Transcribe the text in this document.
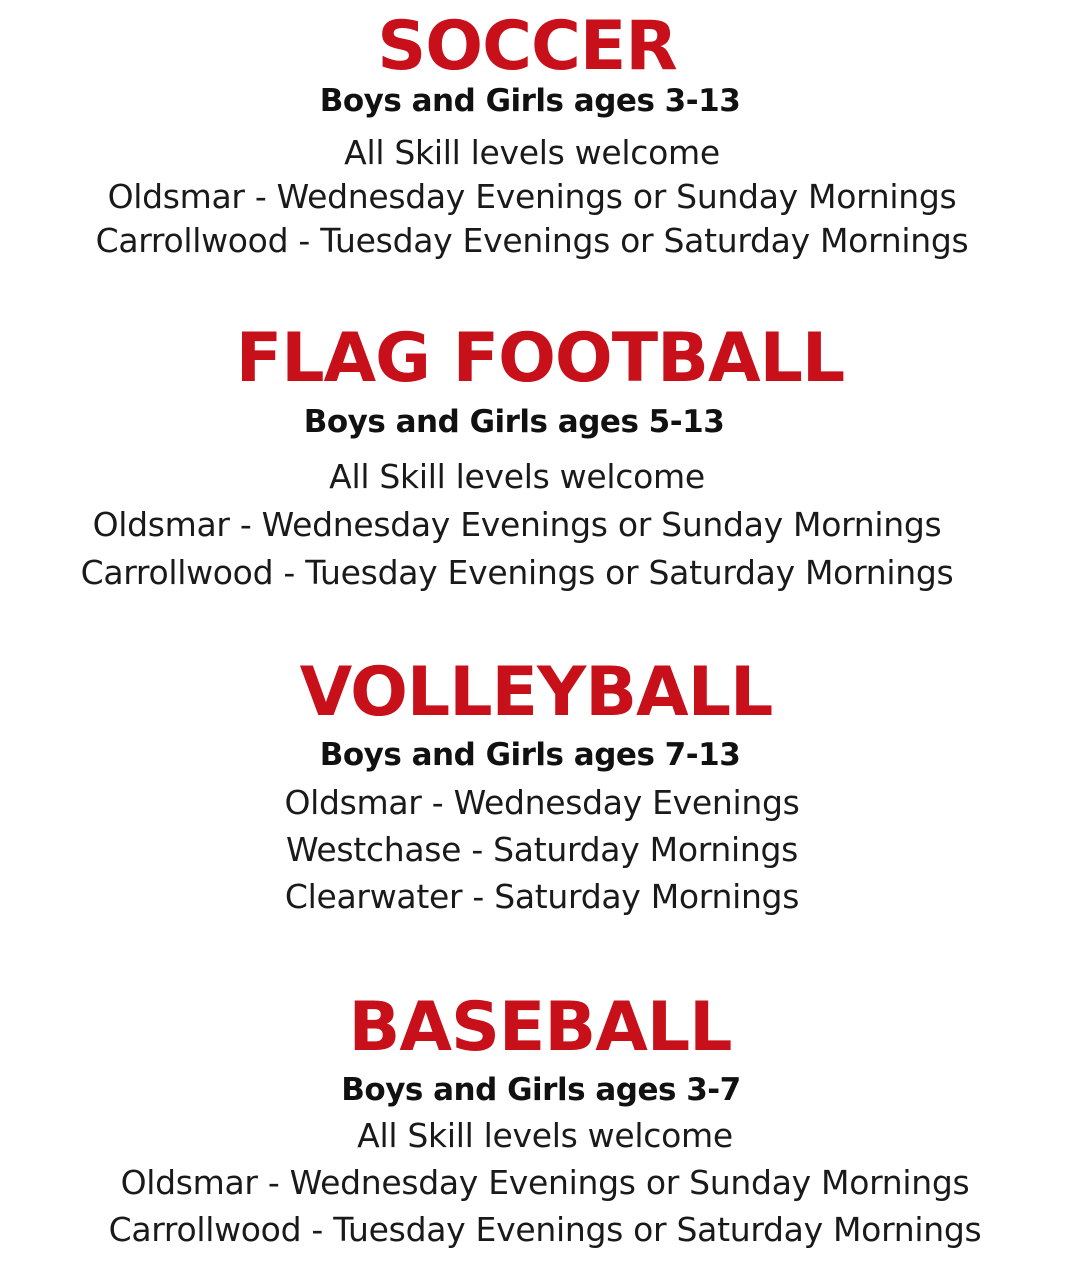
SOCCER
Boys and Girls ages 3-13
All Skill levels welcome
Oldsmar - Wednesday Evenings or Sunday Mornings
Carrollwood - Tuesday Evenings or Saturday Mornings
FLAG FOOTBALL
Boys and Girls ages 5-13
All Skill levels welcome
Oldsmar - Wednesday Evenings or Sunday Mornings
Carrollwood - Tuesday Evenings or Saturday Mornings
VOLLEYBALL
Boys and Girls ages 7-13
Oldsmar - Wednesday Evenings
Westchase - Saturday Mornings
Clearwater - Saturday Mornings
BASEBALL
Boys and Girls ages 3-7
All Skill levels welcome
Oldsmar - Wednesday Evenings or Sunday Mornings
Carrollwood - Tuesday Evenings or Saturday Mornings
